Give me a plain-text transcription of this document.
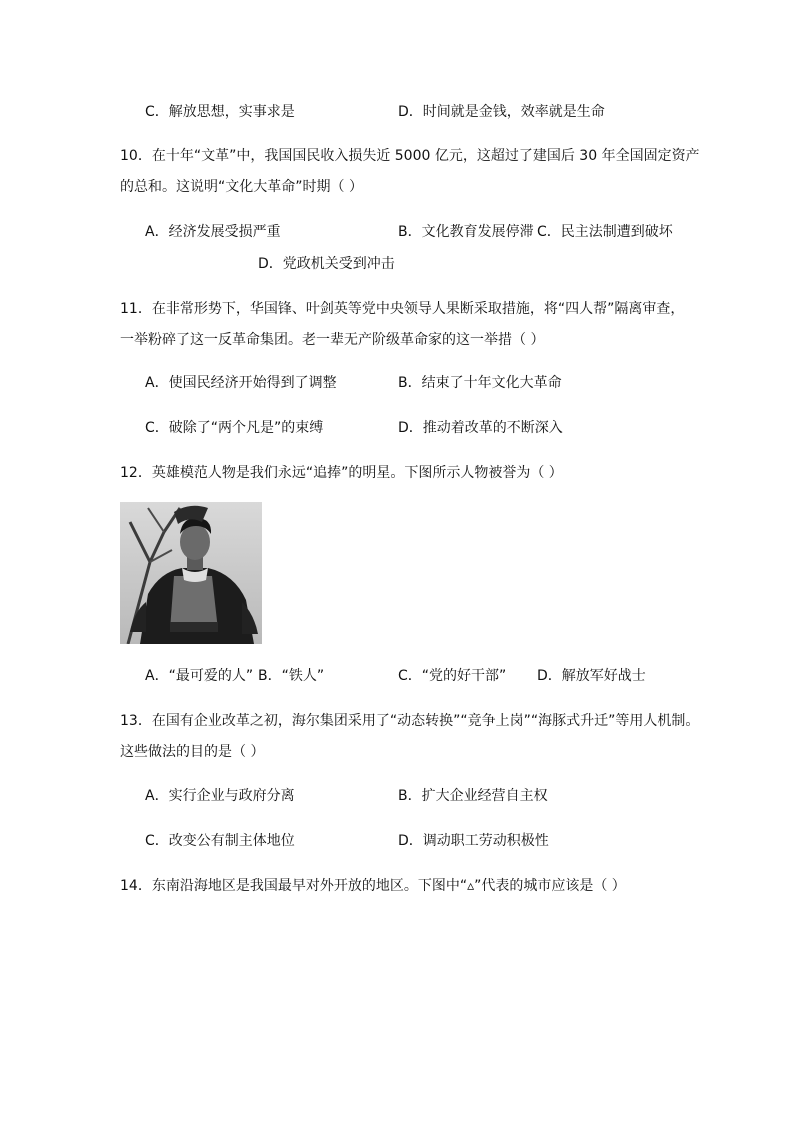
C．解放思想，实事求是	D．时间就是金钱，效率就是生命
10．在十年“文革”中，我国国民收入损失近 5000 亿元，这超过了建国后 30 年全国固定资产
的总和。这说明“文化大革命”时期（ ）
A．经济发展受损严重	B．文化教育发展停滞 C．民主法制遭到破坏
D．党政机关受到冲击
11．在非常形势下，华国锋、叶剑英等党中央领导人果断采取措施，将“四人帮”隔离审查，
一举粉碎了这一反革命集团。老一辈无产阶级革命家的这一举措（ ）
A．使国民经济开始得到了调整	B．结束了十年文化大革命
C．破除了“两个凡是”的束缚	D．推动着改革的不断深入
12．英雄模范人物是我们永远“追捧”的明星。下图所示人物被誉为（ ）
A．“最可爱的人” B．“铁人”	C．“党的好干部” D．解放军好战士
13．在国有企业改革之初，海尔集团采用了“动态转换”“竞争上岗”“海豚式升迁”等用人机制。
这些做法的目的是（ ）
A．实行企业与政府分离	B．扩大企业经营自主权
C．改变公有制主体地位	D．调动职工劳动积极性
14．东南沿海地区是我国最早对外开放的地区。下图中“▵”代表的城市应该是（ ）
